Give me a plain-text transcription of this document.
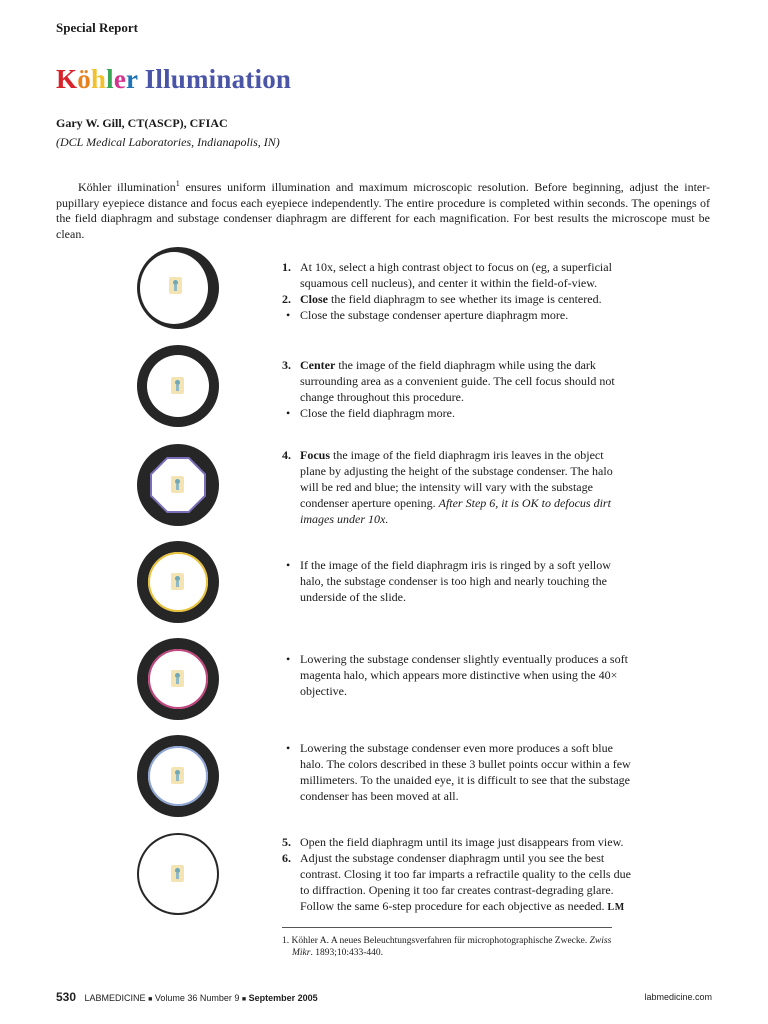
Special Report
Köhler Illumination
Gary W. Gill, CT(ASCP), CFIAC
(DCL Medical Laboratories, Indianapolis, IN)

Köhler illumination$^1$ ensures uniform illumination and maximum microscopic resolution. Before beginning, adjust the inter-pupillary eyepiece distance and focus each eyepiece independently. The entire procedure is completed within seconds. The openings of the field diaphragm and substage condenser diaphragm are different for each magnification. For best results the microscope must be clean.

1. At 10x, select a high contrast object to focus on (eg, a superficial squamous cell nucleus), and center it within the field-of-view.
2. Close the field diaphragm to see whether its image is centered.
• Close the substage condenser aperture diaphragm more.
3. Center the image of the field diaphragm while using the dark surrounding area as a convenient guide. The cell focus should not change throughout this procedure.
• Close the field diaphragm more.
4. Focus the image of the field diaphragm iris leaves in the object plane by adjusting the height of the substage condenser. The halo will be red and blue; the intensity will vary with the substage condenser aperture opening. After Step 6, it is OK to defocus dirt images under 10x.
• If the image of the field diaphragm iris is ringed by a soft yellow halo, the substage condenser is too high and nearly touching the underside of the slide.
• Lowering the substage condenser slightly eventually produces a soft magenta halo, which appears more distinctive when using the 40× objective.
• Lowering the substage condenser even more produces a soft blue halo. The colors described in these 3 bullet points occur within a few millimeters. To the unaided eye, it is difficult to see that the substage condenser has been moved at all.
5. Open the field diaphragm until its image just disappears from view.
6. Adjust the substage condenser diaphragm until you see the best contrast. Closing it too far imparts a refractile quality to the cells due to diffraction. Opening it too far creates contrast-degrading glare. Follow the same 6-step procedure for each objective as needed. LM
1. Köhler A. A neues Beleuchtungsverfahren für microphotographische Zwecke. Zwiss Mikr. 1893;10:433-440.
530 LABMEDICINE ■ Volume 36 Number 9 ■ September 2005	labmedicine.com
